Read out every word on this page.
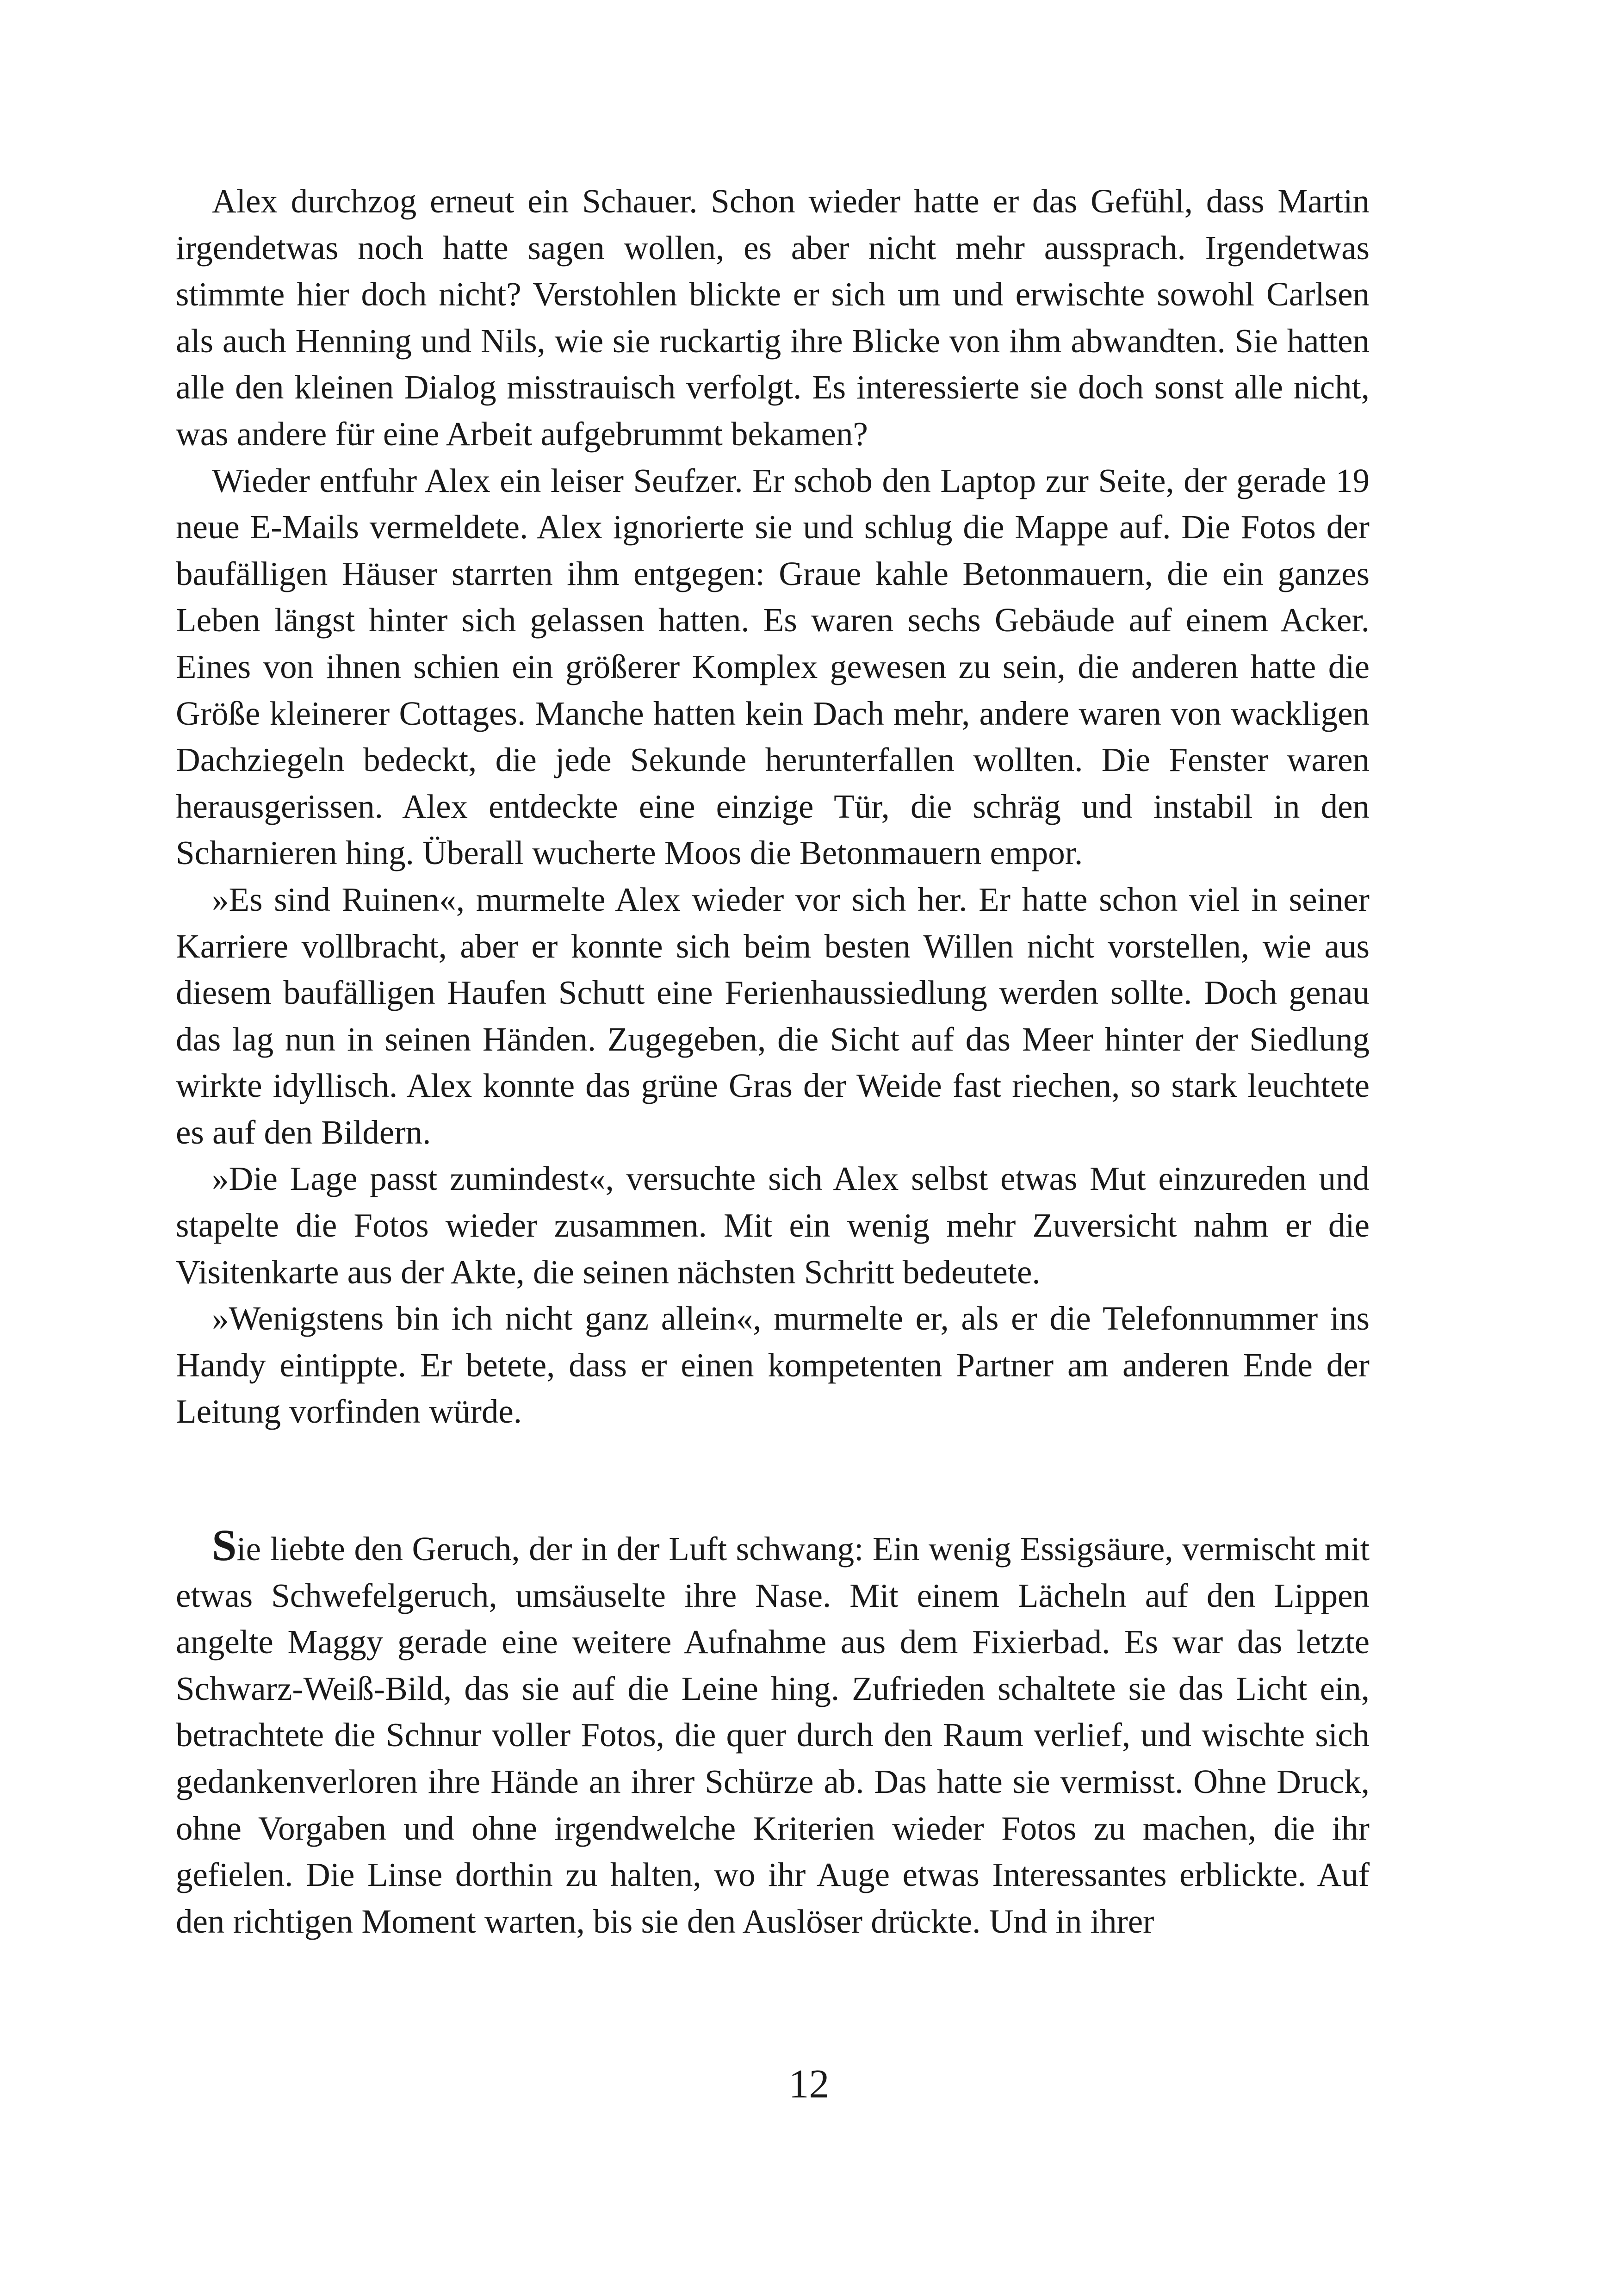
Alex durchzog erneut ein Schauer. Schon wieder hatte er das Gefühl, dass Martin irgendetwas noch hatte sagen wollen, es aber nicht mehr aussprach. Irgendetwas stimmte hier doch nicht? Verstohlen blickte er sich um und erwischte sowohl Carlsen als auch Henning und Nils, wie sie ruckartig ihre Blicke von ihm abwandten. Sie hatten alle den kleinen Dialog misstrauisch verfolgt. Es interessierte sie doch sonst alle nicht, was andere für eine Arbeit aufgebrummt bekamen?

Wieder entfuhr Alex ein leiser Seufzer. Er schob den Laptop zur Seite, der gerade 19 neue E-Mails vermeldete. Alex ignorierte sie und schlug die Mappe auf. Die Fotos der baufälligen Häuser starrten ihm entgegen: Graue kahle Betonmauern, die ein ganzes Leben längst hinter sich gelassen hatten. Es waren sechs Gebäude auf einem Acker. Eines von ihnen schien ein größerer Komplex gewesen zu sein, die anderen hatte die Größe kleinerer Cottages. Manche hatten kein Dach mehr, andere waren von wackligen Dachziegeln bedeckt, die jede Sekunde herunterfallen wollten. Die Fenster waren herausgerissen. Alex entdeckte eine einzige Tür, die schräg und instabil in den Scharnieren hing. Überall wucherte Moos die Betonmauern empor.

»Es sind Ruinen«, murmelte Alex wieder vor sich her. Er hatte schon viel in seiner Karriere vollbracht, aber er konnte sich beim besten Willen nicht vorstellen, wie aus diesem baufälligen Haufen Schutt eine Ferienhaussiedlung werden sollte. Doch genau das lag nun in seinen Händen. Zugegeben, die Sicht auf das Meer hinter der Siedlung wirkte idyllisch. Alex konnte das grüne Gras der Weide fast riechen, so stark leuchtete es auf den Bildern.

»Die Lage passt zumindest«, versuchte sich Alex selbst etwas Mut einzureden und stapelte die Fotos wieder zusammen. Mit ein wenig mehr Zuversicht nahm er die Visitenkarte aus der Akte, die seinen nächsten Schritt bedeutete.

»Wenigstens bin ich nicht ganz allein«, murmelte er, als er die Telefonnummer ins Handy eintippte. Er betete, dass er einen kompetenten Partner am anderen Ende der Leitung vorfinden würde.

Sie liebte den Geruch, der in der Luft schwang: Ein wenig Essigsäure, vermischt mit etwas Schwefelgeruch, umsäuselte ihre Nase. Mit einem Lächeln auf den Lippen angelte Maggy gerade eine weitere Aufnahme aus dem Fixierbad. Es war das letzte Schwarz-Weiß-Bild, das sie auf die Leine hing. Zufrieden schaltete sie das Licht ein, betrachtete die Schnur voller Fotos, die quer durch den Raum verlief, und wischte sich gedankenverloren ihre Hände an ihrer Schürze ab. Das hatte sie vermisst. Ohne Druck, ohne Vorgaben und ohne irgendwelche Kriterien wieder Fotos zu machen, die ihr gefielen. Die Linse dorthin zu halten, wo ihr Auge etwas Interessantes erblickte. Auf den richtigen Moment warten, bis sie den Auslöser drückte. Und in ihrer

12
